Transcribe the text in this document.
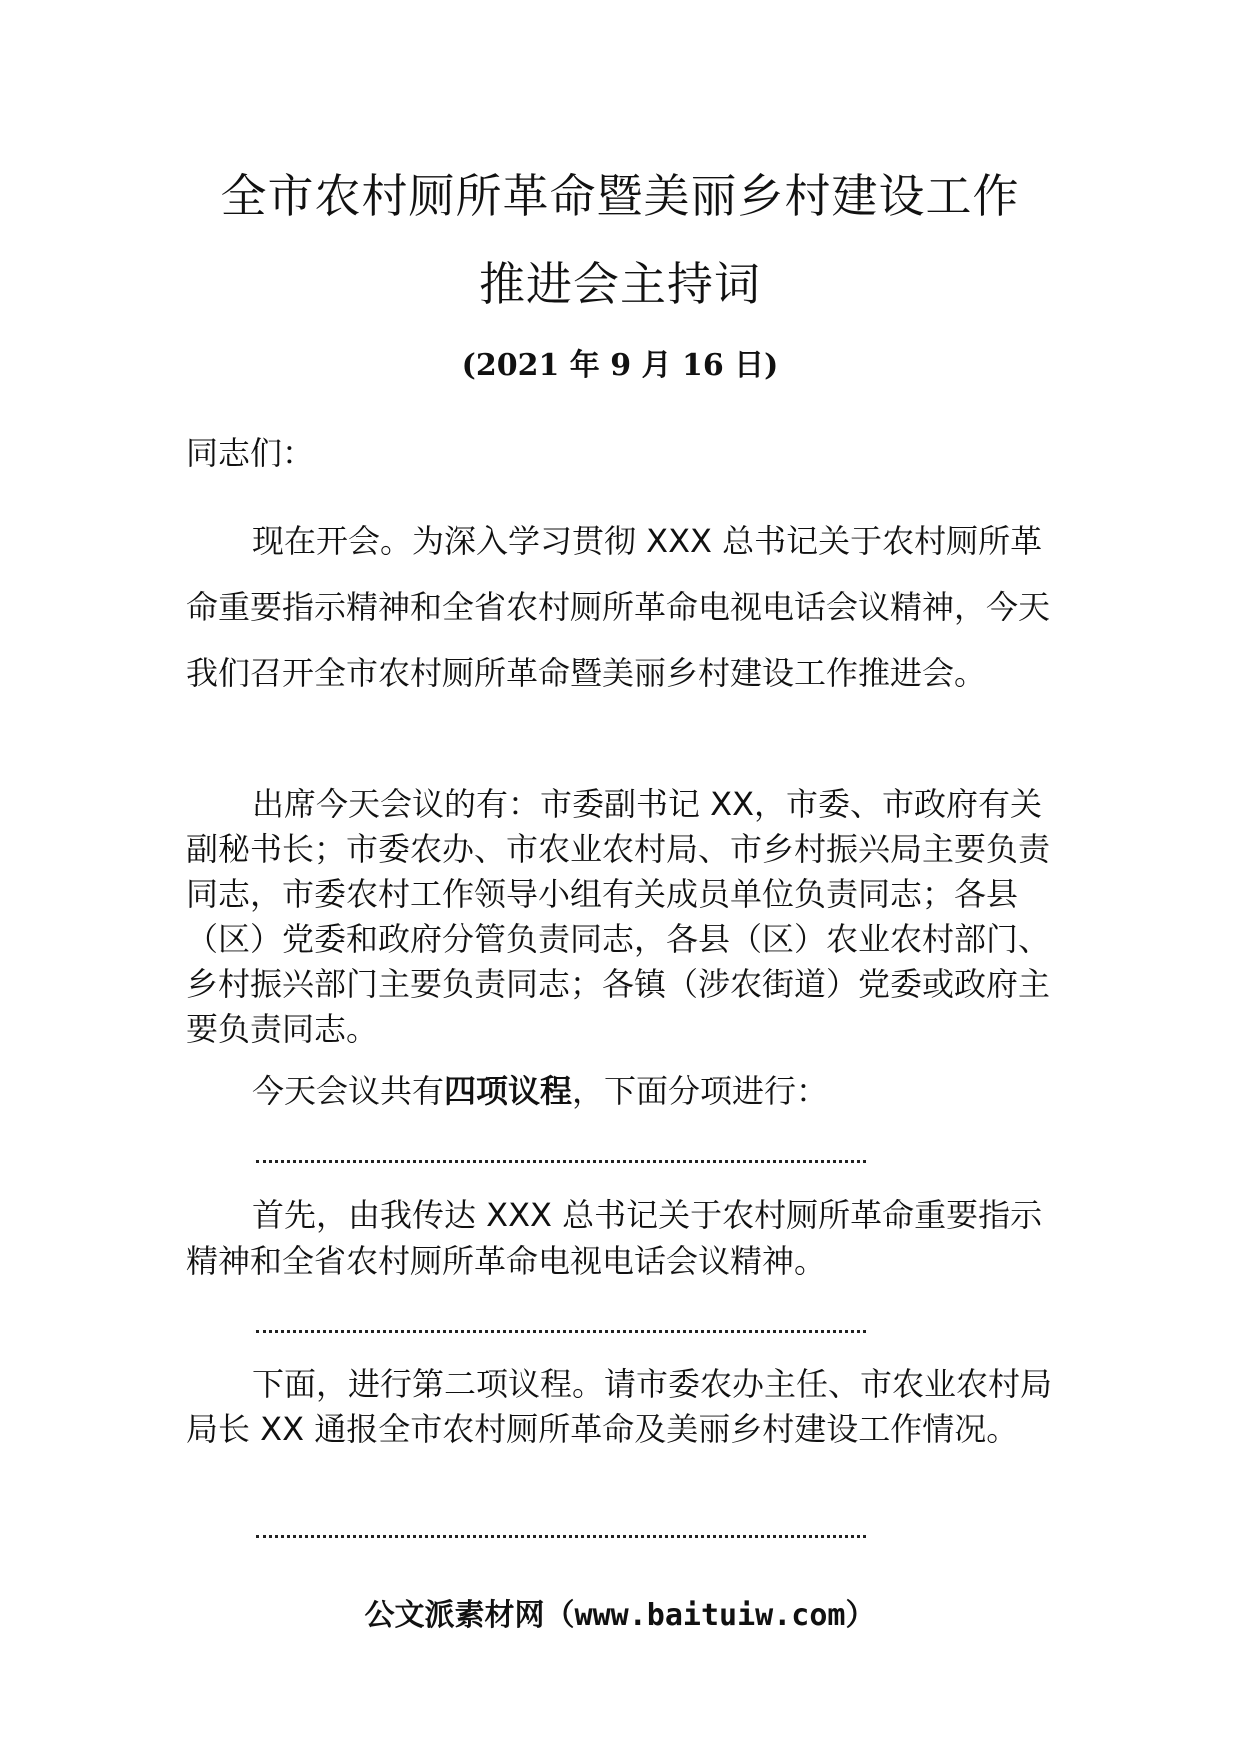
全市农村厕所革命暨美丽乡村建设工作
推进会主持词
(2021 年 9 月 16 日)

同志们：

现在开会。为深入学习贯彻 XXX 总书记关于农村厕所革命重要指示精神和全省农村厕所革命电视电话会议精神，今天我们召开全市农村厕所革命暨美丽乡村建设工作推进会。

出席今天会议的有：市委副书记 XX，市委、市政府有关副秘书长；市委农办、市农业农村局、市乡村振兴局主要负责同志，市委农村工作领导小组有关成员单位负责同志；各县（区）党委和政府分管负责同志，各县（区）农业农村部门、乡村振兴部门主要负责同志；各镇（涉农街道）党委或政府主要负责同志。

今天会议共有四项议程，下面分项进行：

首先，由我传达 XXX 总书记关于农村厕所革命重要指示精神和全省农村厕所革命电视电话会议精神。

下面，进行第二项议程。请市委农办主任、市农业农村局局长 XX 通报全市农村厕所革命及美丽乡村建设工作情况。

公文派素材网（www.baituiw.com）
